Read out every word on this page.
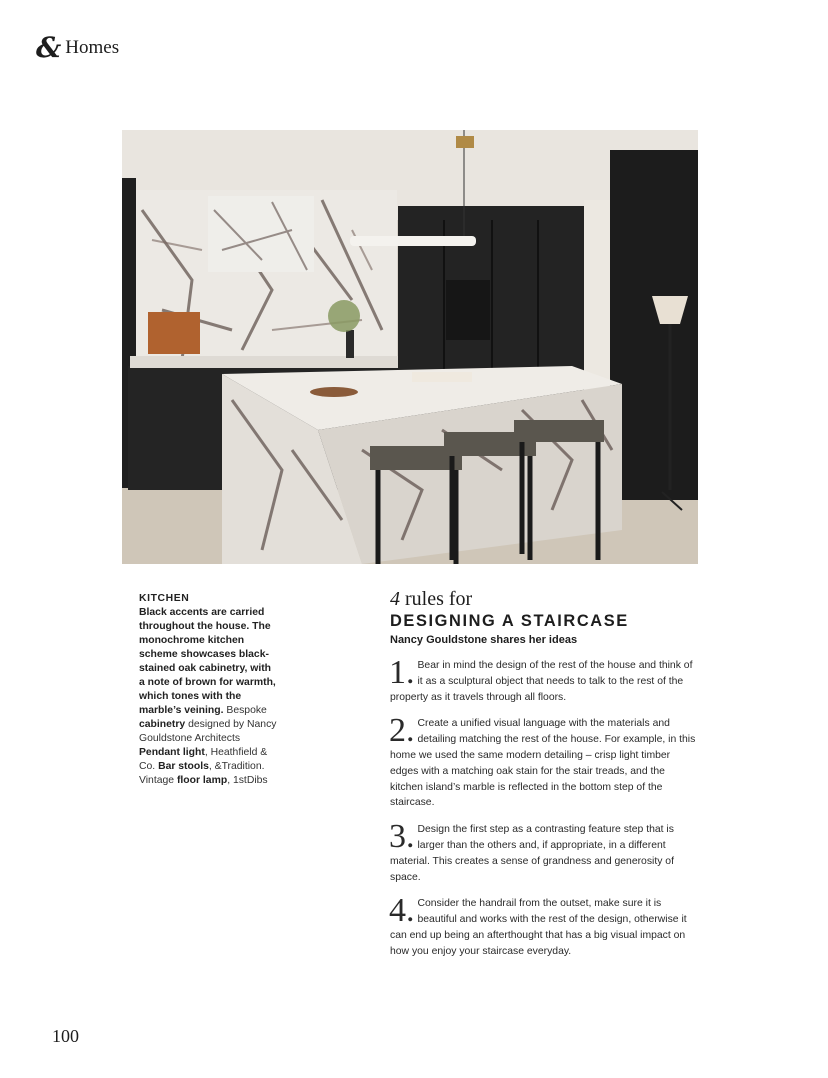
& Homes
KITCHEN
Black accents are carried throughout the house. The monochrome kitchen scheme showcases black-stained oak cabinetry, with a note of brown for warmth, which tones with the marble’s veining. Bespoke cabinetry designed by Nancy Gouldstone Architects Pendant light, Heathfield & Co. Bar stools, &Tradition. Vintage floor lamp, 1stDibs
4 rules for
DESIGNING A STAIRCASE
Nancy Gouldstone shares her ideas
1. Bear in mind the design of the rest of the house and think of it as a sculptural object that needs to talk to the rest of the property as it travels through all floors.
2. Create a unified visual language with the materials and detailing matching the rest of the house. For example, in this home we used the same modern detailing – crisp light timber edges with a matching oak stain for the stair treads, and the kitchen island’s marble is reflected in the bottom step of the staircase.
3. Design the first step as a contrasting feature step that is larger than the others and, if appropriate, in a different material. This creates a sense of grandness and generosity of space.
4. Consider the handrail from the outset, make sure it is beautiful and works with the rest of the design, otherwise it can end up being an afterthought that has a big visual impact on how you enjoy your staircase everyday.
100
